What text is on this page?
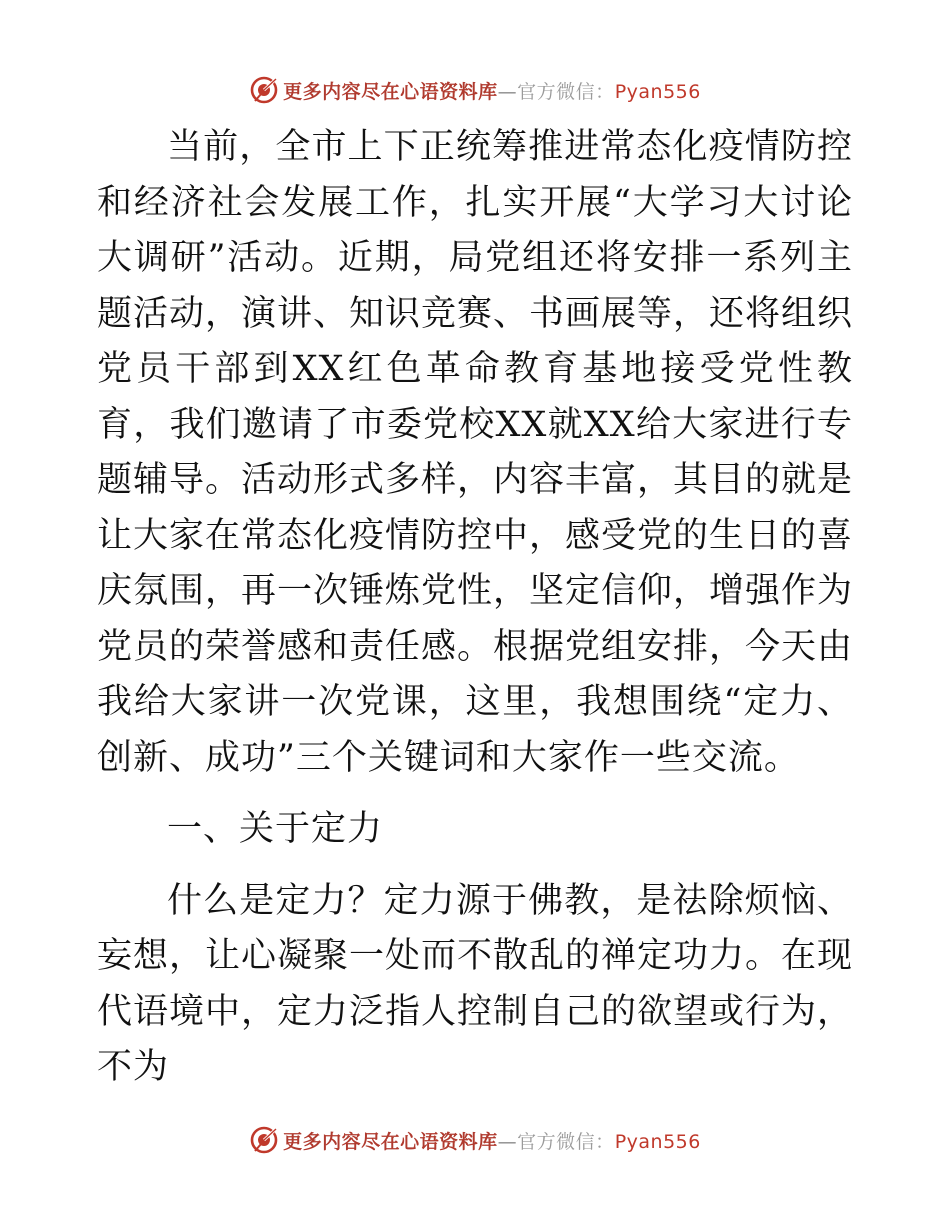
更多内容尽在心语资料库—官方微信：Pyan556

当前，全市上下正统筹推进常态化疫情防控和经济社会发展工作，扎实开展“大学习大讨论大调研”活动。近期，局党组还将安排一系列主题活动，演讲、知识竞赛、书画展等，还将组织党员干部到XX红色革命教育基地接受党性教育，我们邀请了市委党校XX就XX给大家进行专题辅导。活动形式多样，内容丰富，其目的就是让大家在常态化疫情防控中，感受党的生日的喜庆氛围，再一次锤炼党性，坚定信仰，增强作为党员的荣誉感和责任感。根据党组安排，今天由我给大家讲一次党课，这里，我想围绕“定力、创新、成功”三个关键词和大家作一些交流。

一、关于定力

什么是定力？定力源于佛教，是祛除烦恼、妄想，让心凝聚一处而不散乱的禅定功力。在现代语境中，定力泛指人控制自己的欲望或行为，不为

更多内容尽在心语资料库—官方微信：Pyan556
